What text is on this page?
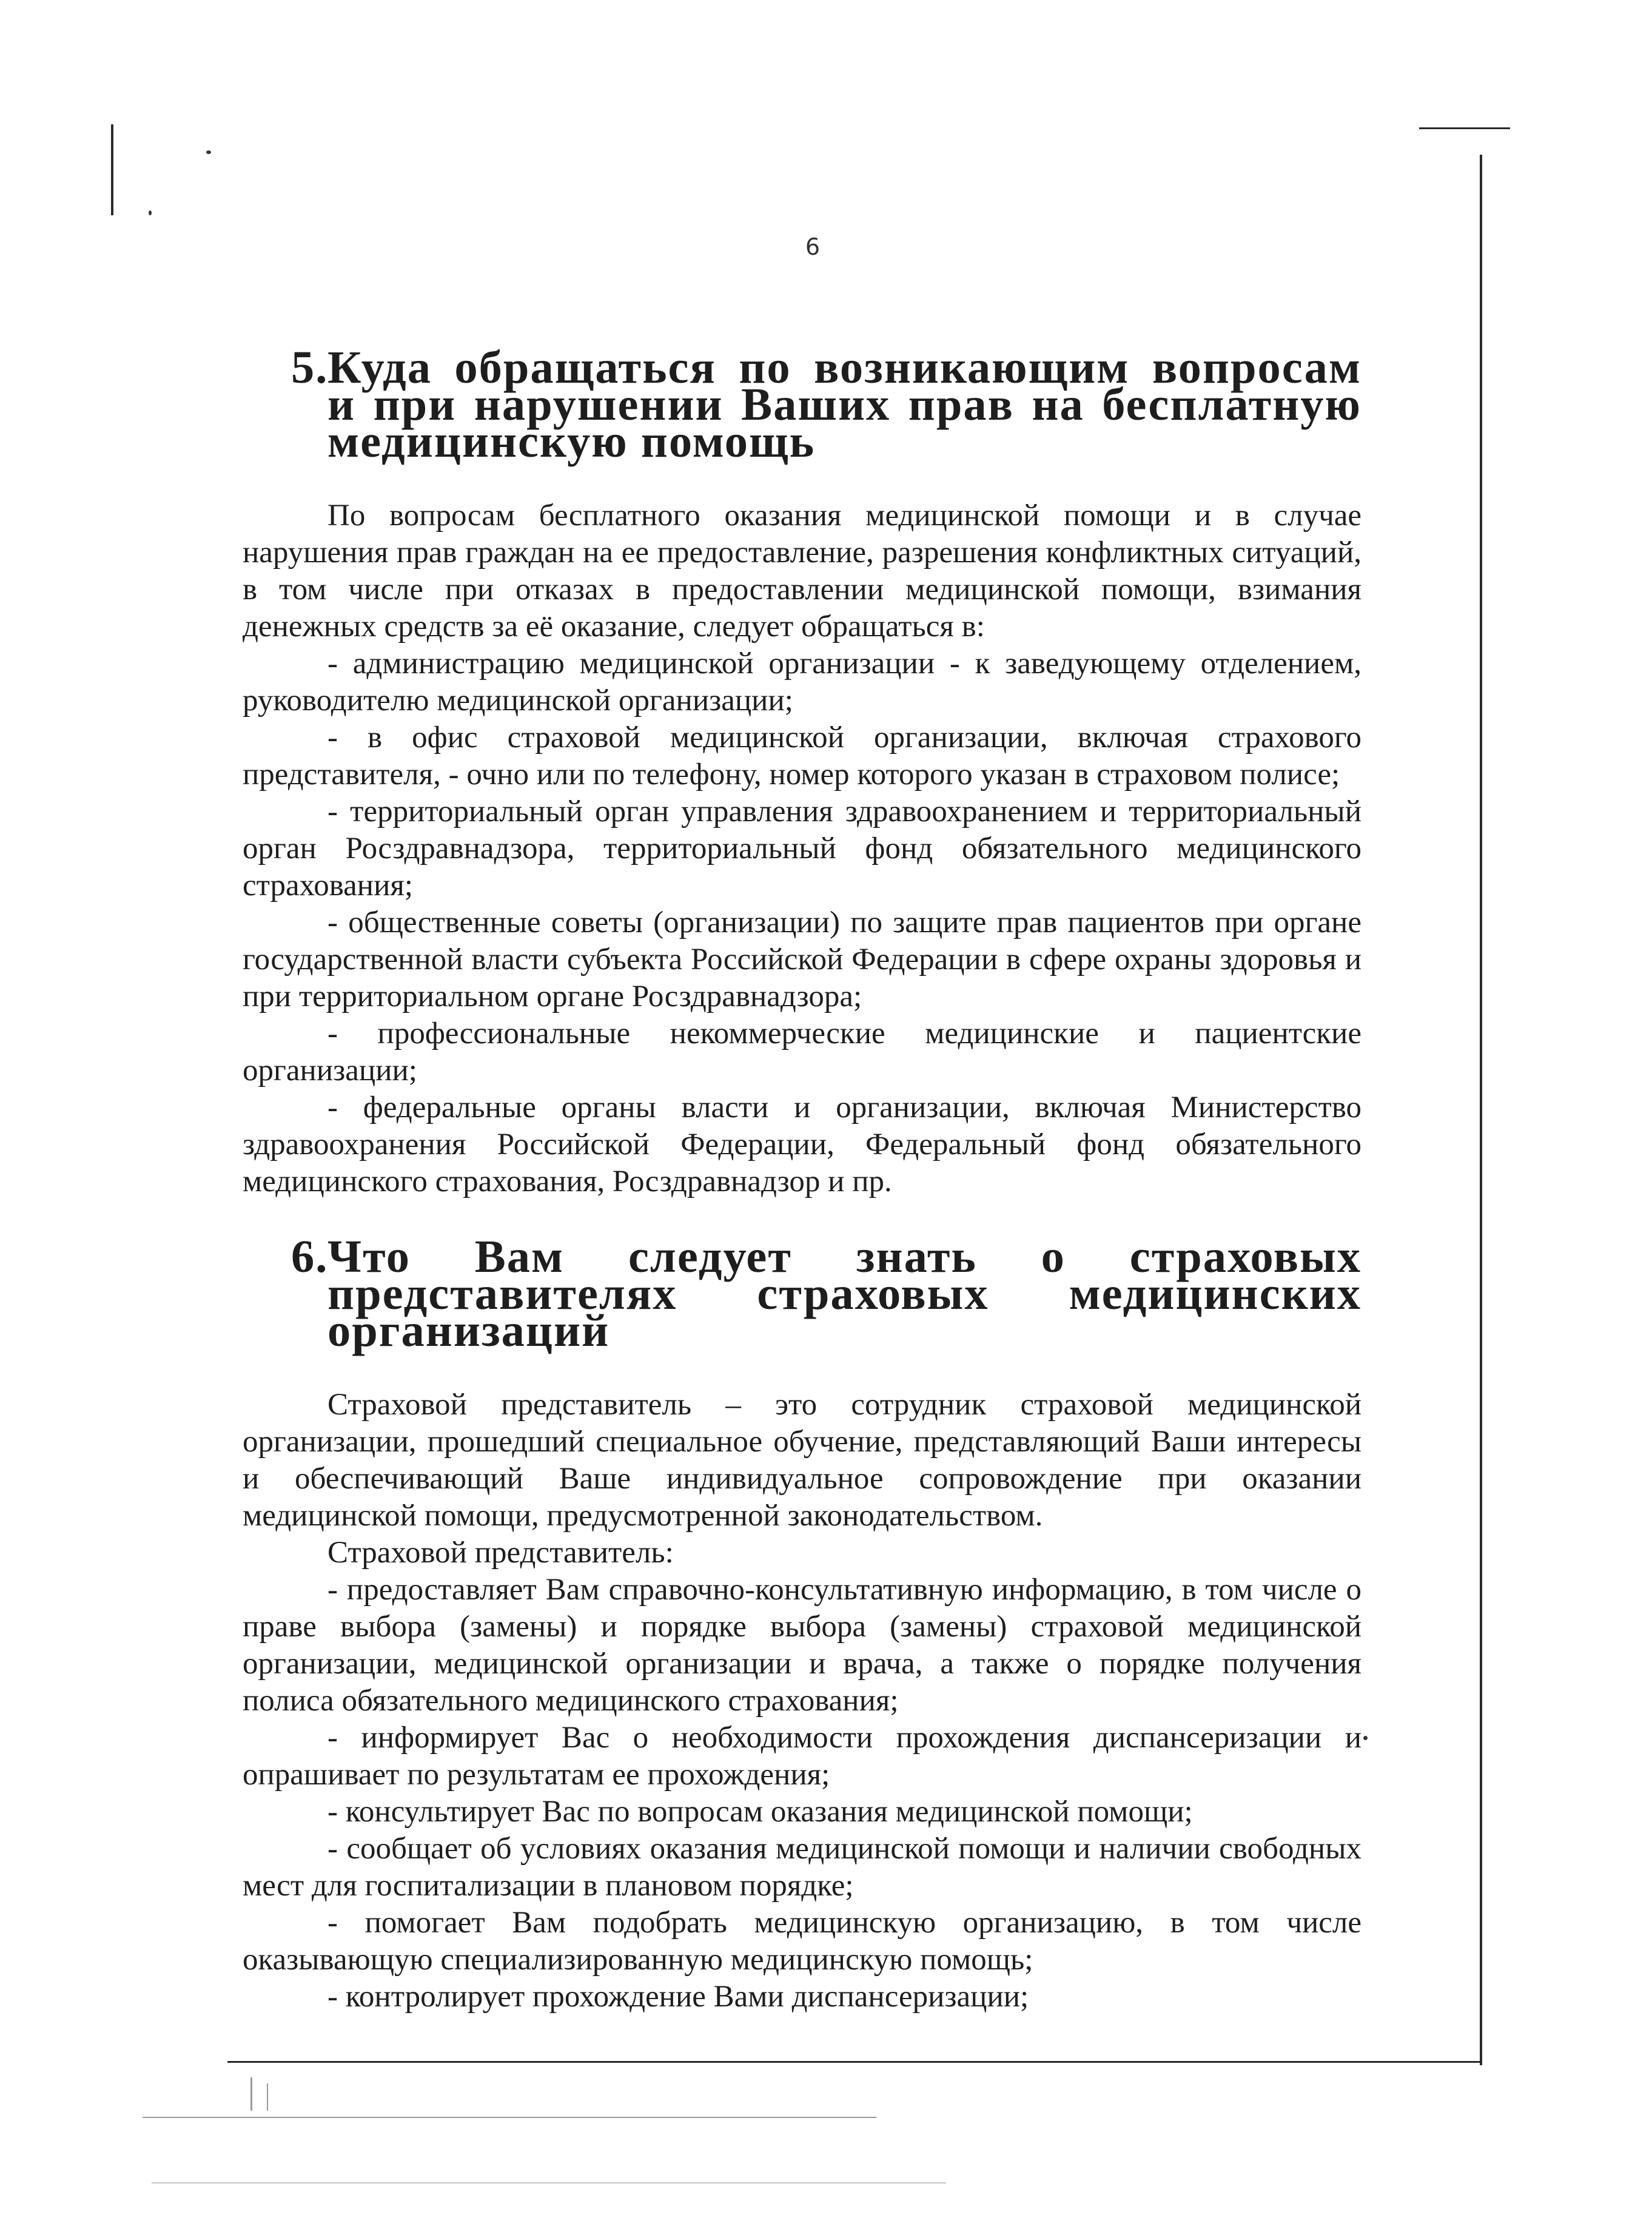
6
5.Куда обращаться по возникающим вопросам и при нарушении Ваших прав на бесплатную медицинскую помощь

По вопросам бесплатного оказания медицинской помощи и в случае нарушения прав граждан на ее предоставление, разрешения конфликтных ситуаций, в том числе при отказах в предоставлении медицинской помощи, взимания денежных средств за её оказание, следует обращаться в:

- администрацию медицинской организации - к заведующему отделением, руководителю медицинской организации;

- в офис страховой медицинской организации, включая страхового представителя, - очно или по телефону, номер которого указан в страховом полисе;

- территориальный орган управления здравоохранением и территориальный орган Росздравнадзора, территориальный фонд обязательного медицинского страхования;

- общественные советы (организации) по защите прав пациентов при органе государственной власти субъекта Российской Федерации в сфере охраны здоровья и при территориальном органе Росздравнадзора;

- профессиональные некоммерческие медицинские и пациентские организации;

- федеральные органы власти и организации, включая Министерство здравоохранения Российской Федерации, Федеральный фонд обязательного медицинского страхования, Росздравнадзор и пр.

6.Что Вам следует знать о страховых представителях страховых медицинских организаций

Страховой представитель – это сотрудник страховой медицинской организации, прошедший специальное обучение, представляющий Ваши интересы и обеспечивающий Ваше индивидуальное сопровождение при оказании медицинской помощи, предусмотренной законодательством.

Страховой представитель:

- предоставляет Вам справочно-консультативную информацию, в том числе о праве выбора (замены) и порядке выбора (замены) страховой медицинской организации, медицинской организации и врача, а также о порядке получения полиса обязательного медицинского страхования;

- информирует Вас о необходимости прохождения диспансеризации и опрашивает по результатам ее прохождения;

- консультирует Вас по вопросам оказания медицинской помощи;

- сообщает об условиях оказания медицинской помощи и наличии свободных мест для госпитализации в плановом порядке;

- помогает Вам подобрать медицинскую организацию, в том числе оказывающую специализированную медицинскую помощь;

- контролирует прохождение Вами диспансеризации;
